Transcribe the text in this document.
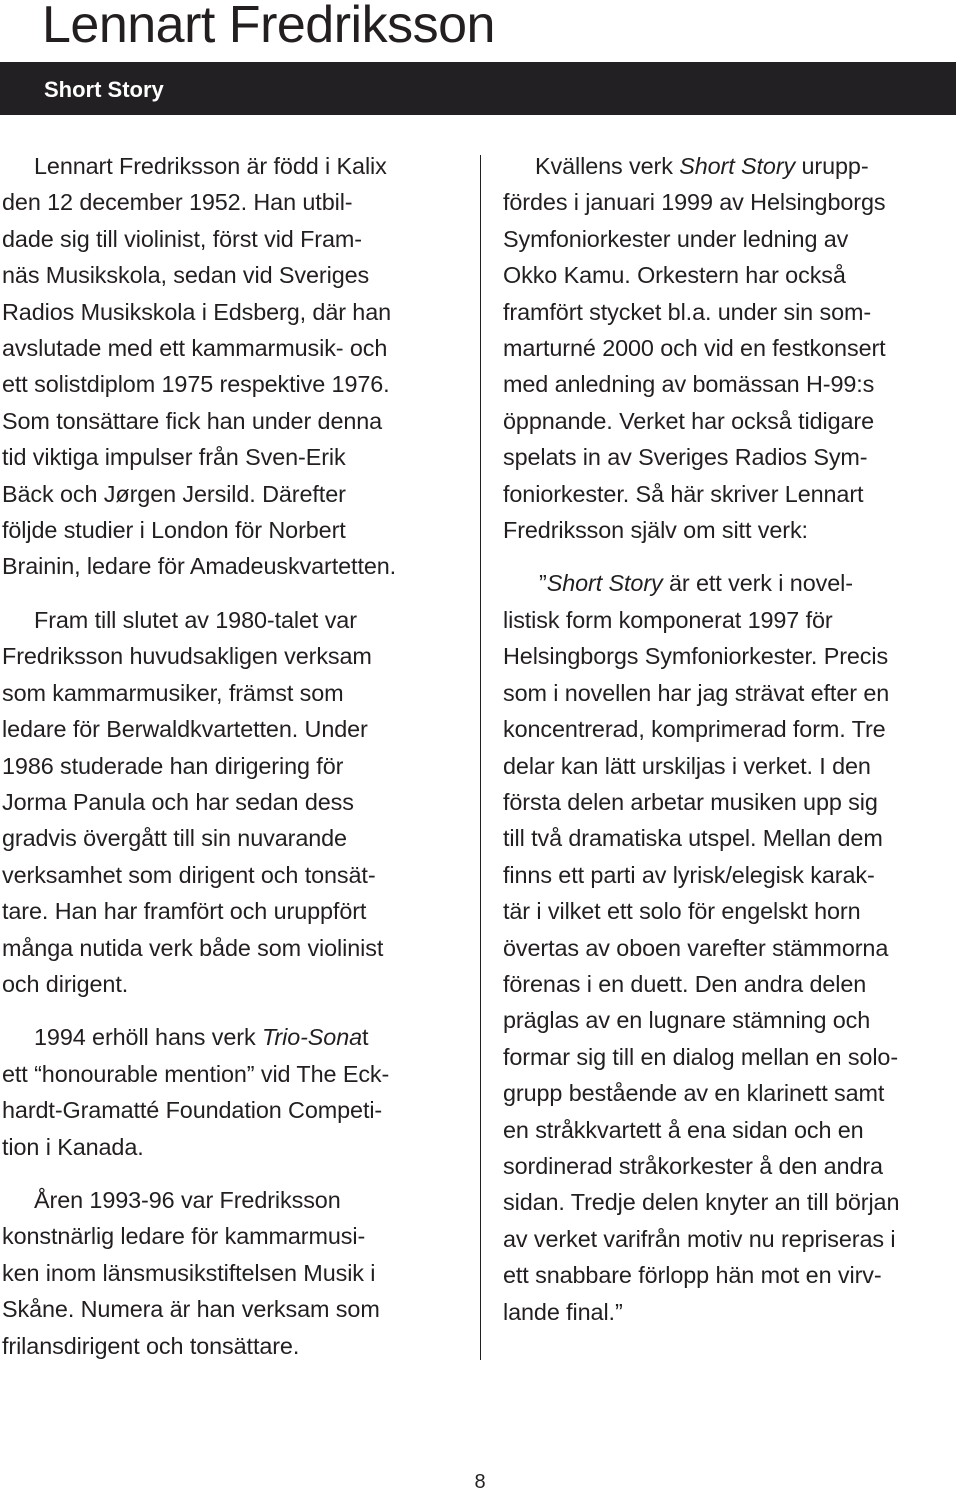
Lennart Fredriksson
Short Story

Lennart Fredriksson är född i Kalix
den 12 december 1952. Han utbil-
dade sig till violinist, först vid Fram-
näs Musikskola, sedan vid Sveriges
Radios Musikskola i Edsberg, där han
avslutade med ett kammarmusik- och
ett solistdiplom 1975 respektive 1976.
Som tonsättare fick han under denna
tid viktiga impulser från Sven-Erik
Bäck och Jørgen Jersild. Därefter
följde studier i London för Norbert
Brainin, ledare för Amadeuskvartetten.

Fram till slutet av 1980-talet var
Fredriksson huvudsakligen verksam
som kammarmusiker, främst som
ledare för Berwaldkvartetten. Under
1986 studerade han dirigering för
Jorma Panula och har sedan dess
gradvis övergått till sin nuvarande
verksamhet som dirigent och tonsät-
tare. Han har framfört och uruppfört
många nutida verk både som violinist
och dirigent.

1994 erhöll hans verk Trio-Sonat
ett “honourable mention” vid The Eck-
hardt-Gramatté Foundation Competi-
tion i Kanada.

Åren 1993-96 var Fredriksson
konstnärlig ledare för kammarmusi-
ken inom länsmusikstiftelsen Musik i
Skåne. Numera är han verksam som
frilansdirigent och tonsättare.

Kvällens verk Short Story urupp-
fördes i januari 1999 av Helsingborgs
Symfoniorkester under ledning av
Okko Kamu. Orkestern har också
framfört stycket bl.a. under sin som-
marturné 2000 och vid en festkonsert
med anledning av bomässan H-99:s
öppnande. Verket har också tidigare
spelats in av Sveriges Radios Sym-
foniorkester. Så här skriver Lennart
Fredriksson själv om sitt verk:

”Short Story är ett verk i novel-
listisk form komponerat 1997 för
Helsingborgs Symfoniorkester. Precis
som i novellen har jag strävat efter en
koncentrerad, komprimerad form. Tre
delar kan lätt urskiljas i verket. I den
första delen arbetar musiken upp sig
till två dramatiska utspel. Mellan dem
finns ett parti av lyrisk/elegisk karak-
tär i vilket ett solo för engelskt horn
övertas av oboen varefter stämmorna
förenas i en duett. Den andra delen
präglas av en lugnare stämning och
formar sig till en dialog mellan en solo-
grupp bestående av en klarinett samt
en stråkkvartett å ena sidan och en
sordinerad stråkorkester å den andra
sidan. Tredje delen knyter an till början
av verket varifrån motiv nu repriseras i
ett snabbare förlopp hän mot en virv-
lande final.”

8
